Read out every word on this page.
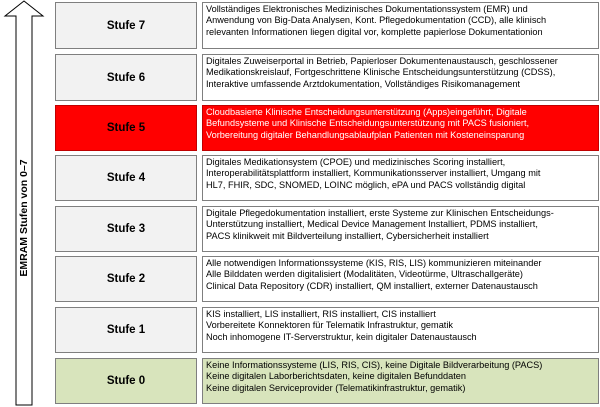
EMRAM Stufen von 0–7
Stufe 7
Vollständiges Elektronisches Medizinisches Dokumentationssystem (EMR) und
Anwendung von Big-Data Analysen, Kont. Pflegedokumentation (CCD), alle klinisch
relevanten Informationen liegen digital vor, komplette papierlose Dokumentationion
Stufe 6
Digitales Zuweiserportal in Betrieb, Papierloser Dokumentenaustausch, geschlossener
Medikationskreislauf, Fortgeschrittene Klinische Entscheidungsunterstützung (CDSS),
Interaktive umfassende Arztdokumentation, Vollständiges Risikomanagement
Stufe 5
Cloudbasierte Klinische Entscheidungsunterstützung (Apps)eingeführt, Digitale
Befundsysteme und Klinische Entscheidungsunterstützung mit PACS fusioniert,
Vorbereitung digitaler Behandlungsablaufplan Patienten mit Kosteneinsparung
Stufe 4
Digitales Medikationsystem (CPOE) und medizinisches Scoring installiert,
Interoperabilitätsplattform installiert, Kommunikationsserver installiert, Umgang mit
HL7, FHIR, SDC, SNOMED, LOINC möglich, ePA und PACS vollständig digital
Stufe 3
Digitale Pflegedokumentation installiert, erste Systeme zur Klinischen Entscheidungs-
Unterstützung installiert, Medical Device Management Installiert, PDMS installiert,
PACS klinikweit mit Bildverteilung installiert, Cybersicherheit installiert
Stufe 2
Alle notwendigen Informationssysteme (KIS, RIS, LIS) kommunizieren miteinander
Alle Bilddaten werden digitalisiert (Modalitäten, Videotürme, Ultraschallgeräte)
Clinical Data Repository (CDR) installiert, QM installiert, externer Datenaustausch
Stufe 1
KIS installiert, LIS installiert, RIS installiert, CIS installiert
Vorbereitete Konnektoren für Telematik Infrastruktur, gematik
Noch inhomogene IT-Serverstruktur, kein digitaler Datenaustausch
Stufe 0
Keine Informationssysteme (LIS, RIS, CIS), keine Digitale Bildverarbeitung (PACS)
Keine digitalen Laborberichtsdaten, keine digitalen Befunddaten
Keine digitalen Serviceprovider (Telematikinfrastruktur, gematik)
